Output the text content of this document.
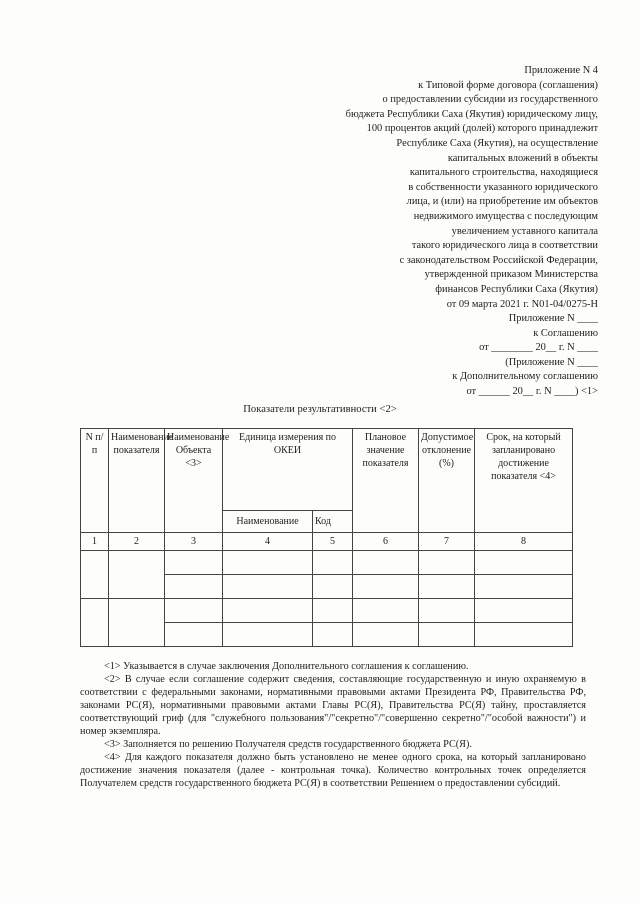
Приложение N 4
к Типовой форме договора (соглашения)
о предоставлении субсидии из государственного
бюджета Республики Саха (Якутия) юридическому лицу,
100 процентов акций (долей) которого принадлежит
Республике Саха (Якутия), на осуществление
капитальных вложений в объекты
капитального строительства, находящиеся
в собственности указанного юридического
лица, и (или) на приобретение им объектов
недвижимого имущества с последующим
увеличением уставного капитала
такого юридического лица в соответствии
с законодательством Российской Федерации,
утвержденной приказом Министерства
финансов Республики Саха (Якутия)
от 09 марта 2021 г. N01-04/0275-Н
Приложение N ____
к Соглашению
от ________ 20__ г. N ____
(Приложение N ____
к Дополнительному соглашению
от ______ 20__ г. N ____) <1>
Показатели результативности <2>
N п/п	Наименование показателя	Наименование Объекта <3>	Единица измерения по ОКЕИ		Плановое значение показателя	Допустимое отклонение (%)	Срок, на который запланировано достижение показателя <4>
			Наименование	Код			
1	2	3	4	5	6	7	8

<1> Указывается в случае заключения Дополнительного соглашения к соглашению.

<2> В случае если соглашение содержит сведения, составляющие государственную и иную охраняемую в соответствии с федеральными законами, нормативными правовыми актами Президента РФ, Правительства РФ, законами РС(Я), нормативными правовыми актами Главы РС(Я), Правительства РС(Я) тайну, проставляется соответствующий гриф (для "служебного пользования"/"секретно"/"совершенно секретно"/"особой важности") и номер экземпляра.

<3> Заполняется по решению Получателя средств государственного бюджета РС(Я).

<4> Для каждого показателя должно быть установлено не менее одного срока, на который запланировано достижение значения показателя (далее - контрольная точка). Количество контрольных точек определяется Получателем средств государственного бюджета РС(Я) в соответствии Решением о предоставлении субсидий.
